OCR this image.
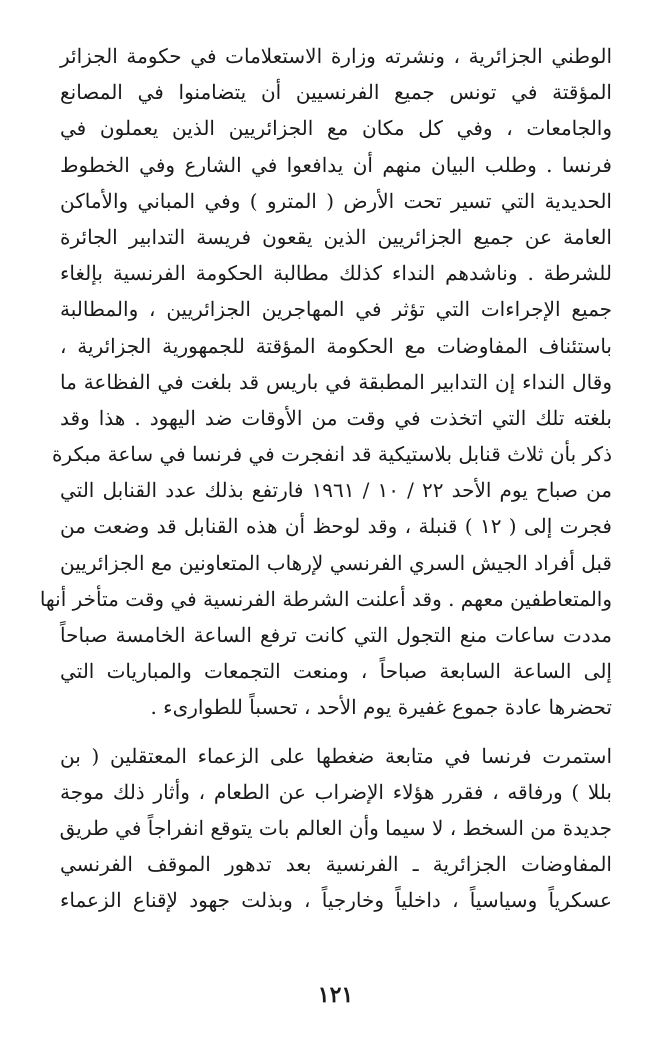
الوطني الجزائرية ، ونشرته وزارة الاستعلامات في حكومة الجزائر
المؤقتة في تونس جميع الفرنسيين أن يتضامنوا في المصانع
والجامعات ، وفي كل مكان مع الجزائريين الذين يعملون في
فرنسا . وطلب البيان منهم أن يدافعوا في الشارع وفي الخطوط
الحديدية التي تسير تحت الأرض ( المترو ) وفي المباني والأماكن
العامة عن جميع الجزائريين الذين يقعون فريسة التدابير الجائرة
للشرطة . وناشدهم النداء كذلك مطالبة الحكومة الفرنسية بإلغاء
جميع الإجراءات التي تؤثر في المهاجرين الجزائريين ، والمطالبة
باستئناف المفاوضات مع الحكومة المؤقتة للجمهورية الجزائرية ،
وقال النداء إن التدابير المطبقة في باريس قد بلغت في الفظاعة ما
بلغته تلك التي اتخذت في وقت من الأوقات ضد اليهود . هذا وقد
ذكر بأن ثلاث قنابل بلاستيكية قد انفجرت في فرنسا في ساعة مبكرة
من صباح يوم الأحد ٢٢ / ١٠ / ١٩٦١ فارتفع بذلك عدد القنابل التي
فجرت إلى ( ١٢ ) قنبلة ، وقد لوحظ أن هذه القنابل قد وضعت من
قبل أفراد الجيش السري الفرنسي لإرهاب المتعاونين مع الجزائريين
والمتعاطفين معهم . وقد أعلنت الشرطة الفرنسية في وقت متأخر أنها
مددت ساعات منع التجول التي كانت ترفع الساعة الخامسة صباحاً
إلى الساعة السابعة صباحاً ، ومنعت التجمعات والمباريات التي
تحضرها عادة جموع غفيرة يوم الأحد ، تحسباً للطوارىء .
استمرت فرنسا في متابعة ضغطها على الزعماء المعتقلين ( بن
بللا ) ورفاقه ، فقرر هؤلاء الإضراب عن الطعام ، وأثار ذلك موجة
جديدة من السخط ، لا سيما وأن العالم بات يتوقع انفراجاً في طريق
المفاوضات الجزائرية ـ الفرنسية بعد تدهور الموقف الفرنسي
عسكرياً وسياسياً ، داخلياً وخارجياً ، وبذلت جهود لإقناع الزعماء
١٢١
